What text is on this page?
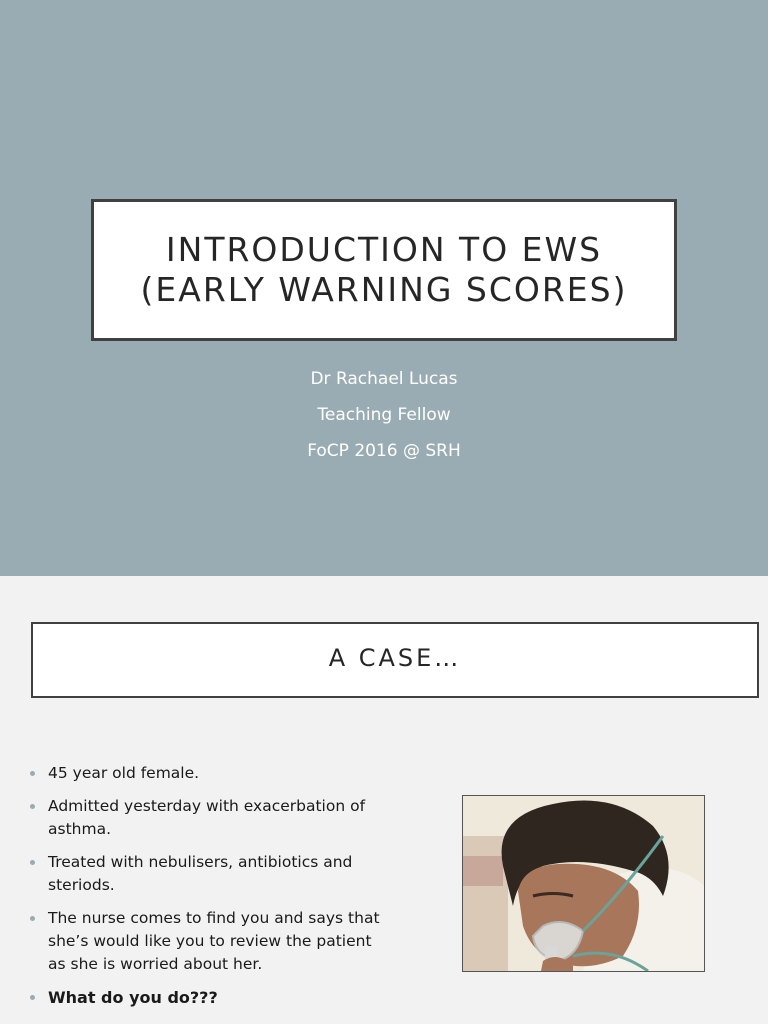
INTRODUCTION TO EWS
(EARLY WARNING SCORES)
Dr Rachael Lucas
Teaching Fellow
FoCP 2016 @ SRH
A CASE…
45 year old female.
Admitted yesterday with exacerbation of asthma.
Treated with nebulisers, antibiotics and steriods.
The nurse comes to find you and says that she’s would like you to review the patient as she is worried about her.
What do you do???
